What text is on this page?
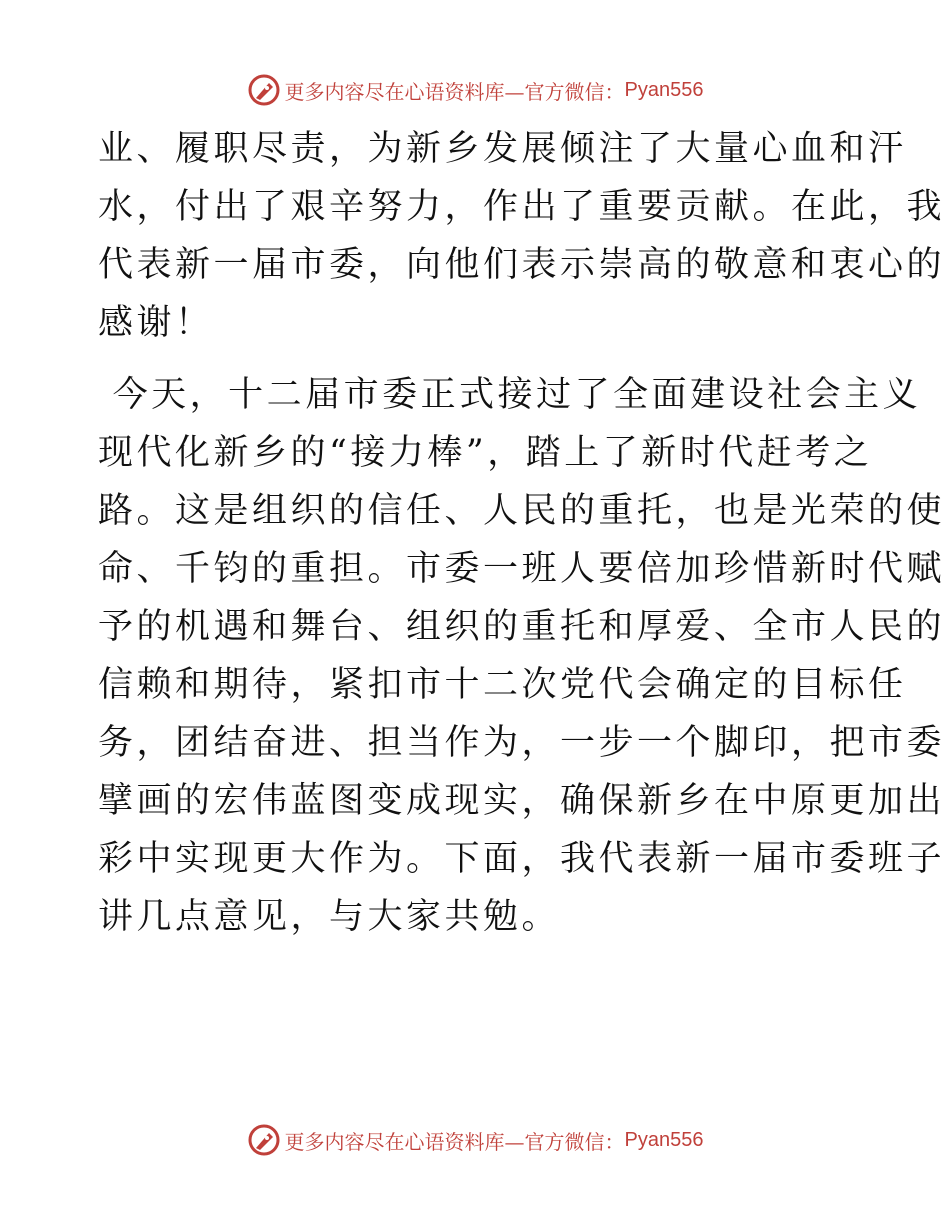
更多内容尽在心语资料库—官方微信： Pyan556
业、履职尽责，为新乡发展倾注了大量心血和汗
水，付出了艰辛努力，作出了重要贡献。在此，我
代表新一届市委，向他们表示崇高的敬意和衷心的
感谢！
今天，十二届市委正式接过了全面建设社会主义
现代化新乡的“接力棒”，踏上了新时代赶考之
路。这是组织的信任、人民的重托，也是光荣的使
命、千钧的重担。市委一班人要倍加珍惜新时代赋
予的机遇和舞台、组织的重托和厚爱、全市人民的
信赖和期待，紧扣市十二次党代会确定的目标任
务，团结奋进、担当作为，一步一个脚印，把市委
擘画的宏伟蓝图变成现实，确保新乡在中原更加出
彩中实现更大作为。下面，我代表新一届市委班子
讲几点意见，与大家共勉。
更多内容尽在心语资料库—官方微信： Pyan556
